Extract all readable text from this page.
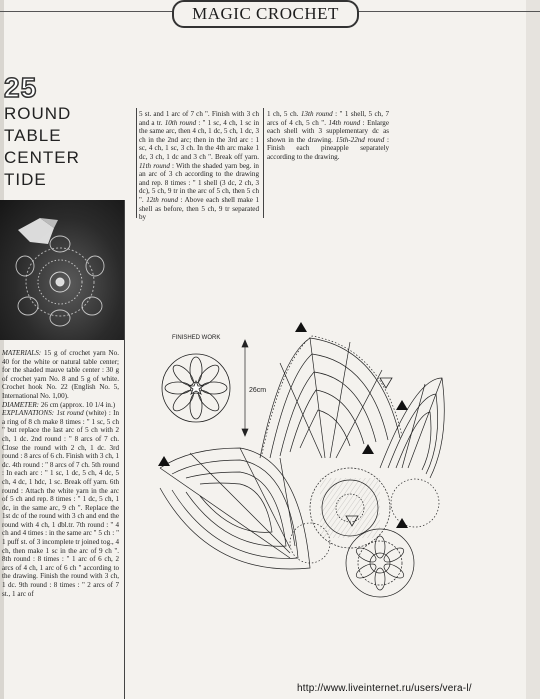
MAGIC CROCHET
25
ROUND
TABLE
CENTER
TIDE

MATERIALS: 15 g of crochet yarn No. 40 for the white or natural table center; for the shaded mauve table center : 30 g of crochet yarn No. 8 and 5 g of white. Crochet hook No. 22 (English No. 5, International No. 1,00).

DIAMETER: 26 cm (approx. 10 1/4 in.)

EXPLANATIONS: 1st round (white) : In a ring of 8 ch make 8 times : " 1 sc, 5 ch " but replace the last arc of 5 ch with 2 ch, 1 dc. 2nd round : " 8 arcs of 7 ch. Close the round with 2 ch, 1 dc. 3rd round : 8 arcs of 6 ch. Finish with 3 ch, 1 dc. 4th round : " 8 arcs of 7 ch. 5th round : In each arc : " 1 sc, 1 dc, 5 ch, 4 dc, 5 ch, 4 dc, 1 hdc, 1 sc. Break off yarn. 6th round : Attach the white yarn in the arc of 5 ch and rep. 8 times : " 1 dc, 5 ch, 1 dc, in the same arc, 9 ch ". Replace the 1st dc of the round with 3 ch and end the round with 4 ch, 1 dbl.tr. 7th round : " 4 ch and 4 times : in the same arc " 5 ch : " 1 puff st. of 3 incomplete tr joined tog., 4 ch, then make 1 sc in the arc of 9 ch ". 8th round : 8 times : " 1 arc of 6 ch, 2 arcs of 4 ch, 1 arc of 6 ch " according to the drawing. Finish the round with 3 ch, 1 dc. 9th round : 8 times : " 2 arcs of 7 st., 1 arc of

5 st. and 1 arc of 7 ch ". Finish with 3 ch and a tr. 10th round : " 1 sc, 4 ch, 1 sc in the same arc, then 4 ch, 1 dc, 5 ch, 1 dc, 3 ch in the 2nd arc; then in the 3rd arc : 1 sc, 4 ch, 1 sc, 3 ch. In the 4th arc make 1 dc, 3 ch, 1 dc and 3 ch ". Break off yarn. 11th round : With the shaded yarn beg. in an arc of 3 ch according to the drawing and rep. 8 times : " 1 shell (3 dc, 2 ch, 3 dc), 5 ch, 9 tr in the arc of 5 ch, then 5 ch ". 12th round : Above each shell make 1 shell as before, then 5 ch, 9 tr separated by

1 ch, 5 ch. 13th round : " 1 shell, 5 ch, 7 arcs of 4 ch, 5 ch ". 14th round : Enlarge each shell with 3 supplementary dc as shown in the drawing. 15th-22nd round : Finish each pineapple separately according to the drawing.

FINISHED WORK
26cm
http://www.liveinternet.ru/users/vera-l/
